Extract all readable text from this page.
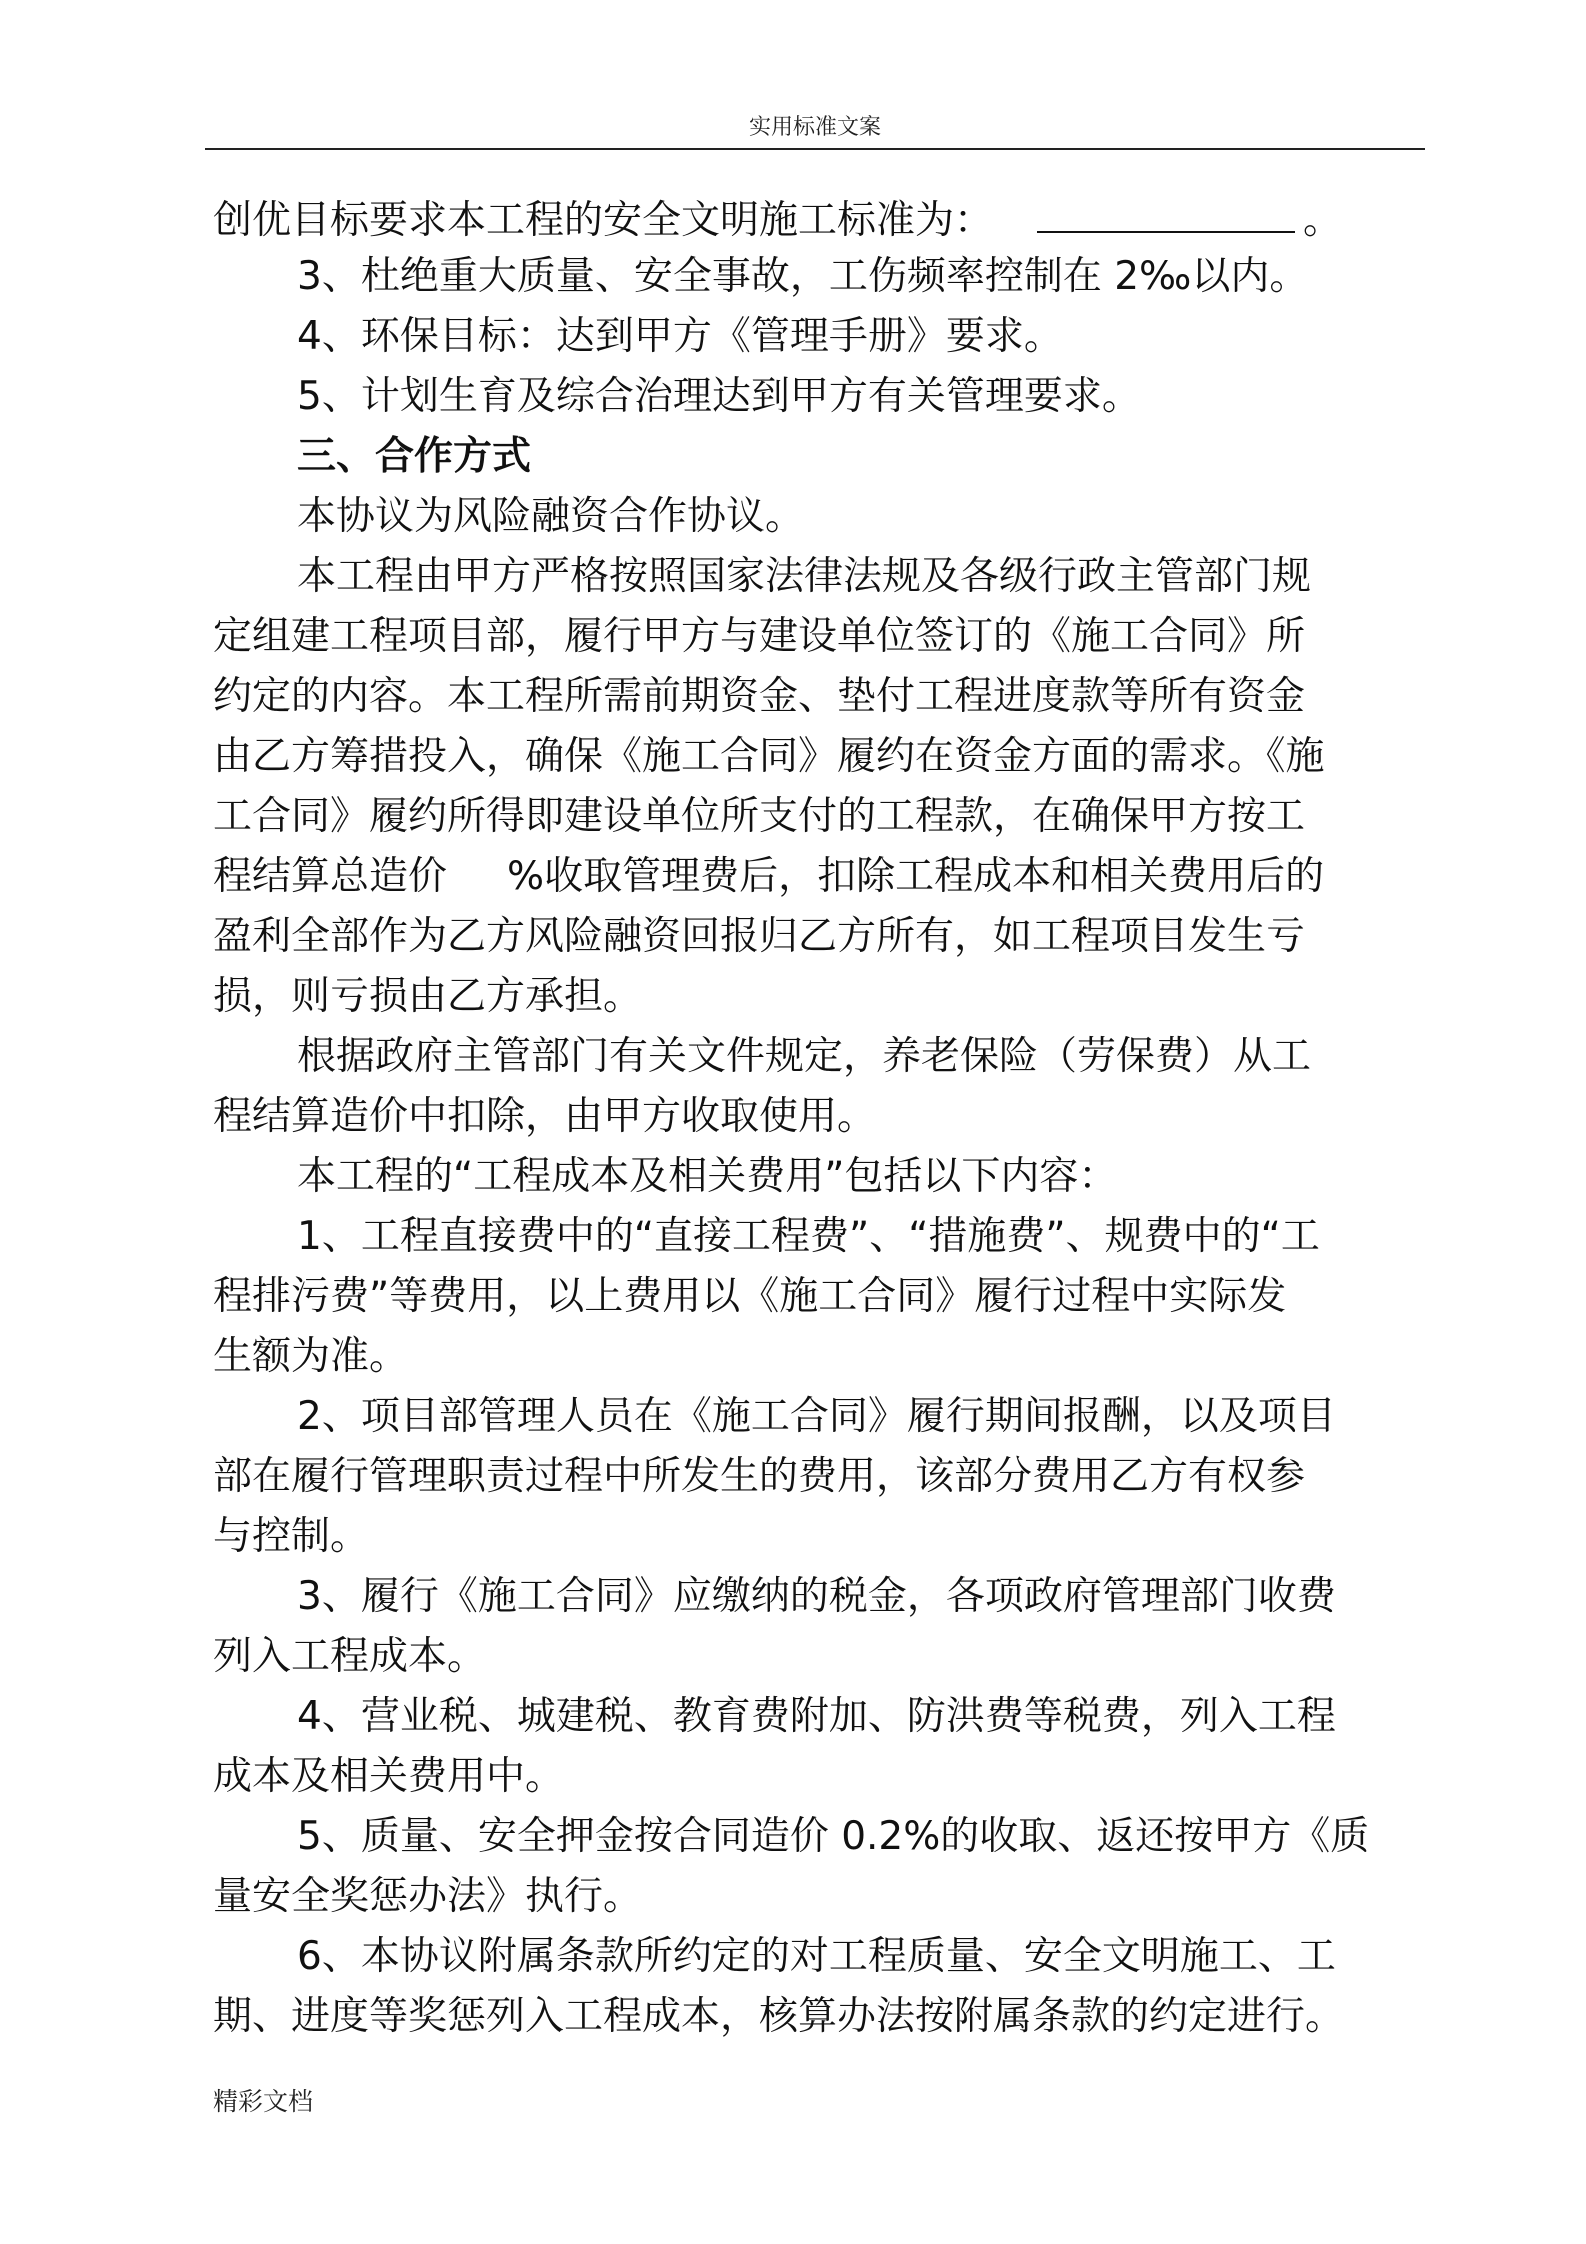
实用标准文案
创优目标要求本工程的安全文明施工标准为：	。
3、杜绝重大质量、安全事故，工伤频率控制在 2‰以内。
4、环保目标：达到甲方《管理手册》要求。
5、计划生育及综合治理达到甲方有关管理要求。
三、合作方式
本协议为风险融资合作协议。
本工程由甲方严格按照国家法律法规及各级行政主管部门规
定组建工程项目部，履行甲方与建设单位签订的《施工合同》所
约定的内容。本工程所需前期资金、垫付工程进度款等所有资金
由乙方筹措投入，确保《施工合同》履约在资金方面的需求。《施
工合同》履约所得即建设单位所支付的工程款，在确保甲方按工
程结算总造价 %收取管理费后，扣除工程成本和相关费用后的
盈利全部作为乙方风险融资回报归乙方所有，如工程项目发生亏
损，则亏损由乙方承担。
根据政府主管部门有关文件规定，养老保险（劳保费）从工
程结算造价中扣除，由甲方收取使用。
本工程的“工程成本及相关费用”包括以下内容：
1、工程直接费中的“直接工程费”、“措施费”、规费中的“工
程排污费”等费用，以上费用以《施工合同》履行过程中实际发
生额为准。
2、项目部管理人员在《施工合同》履行期间报酬，以及项目
部在履行管理职责过程中所发生的费用，该部分费用乙方有权参
与控制。
3、履行《施工合同》应缴纳的税金，各项政府管理部门收费
列入工程成本。
4、营业税、城建税、教育费附加、防洪费等税费，列入工程
成本及相关费用中。
5、质量、安全押金按合同造价 0.2%的收取、返还按甲方《质
量安全奖惩办法》执行。
6、本协议附属条款所约定的对工程质量、安全文明施工、工
期、进度等奖惩列入工程成本，核算办法按附属条款的约定进行。
精彩文档
